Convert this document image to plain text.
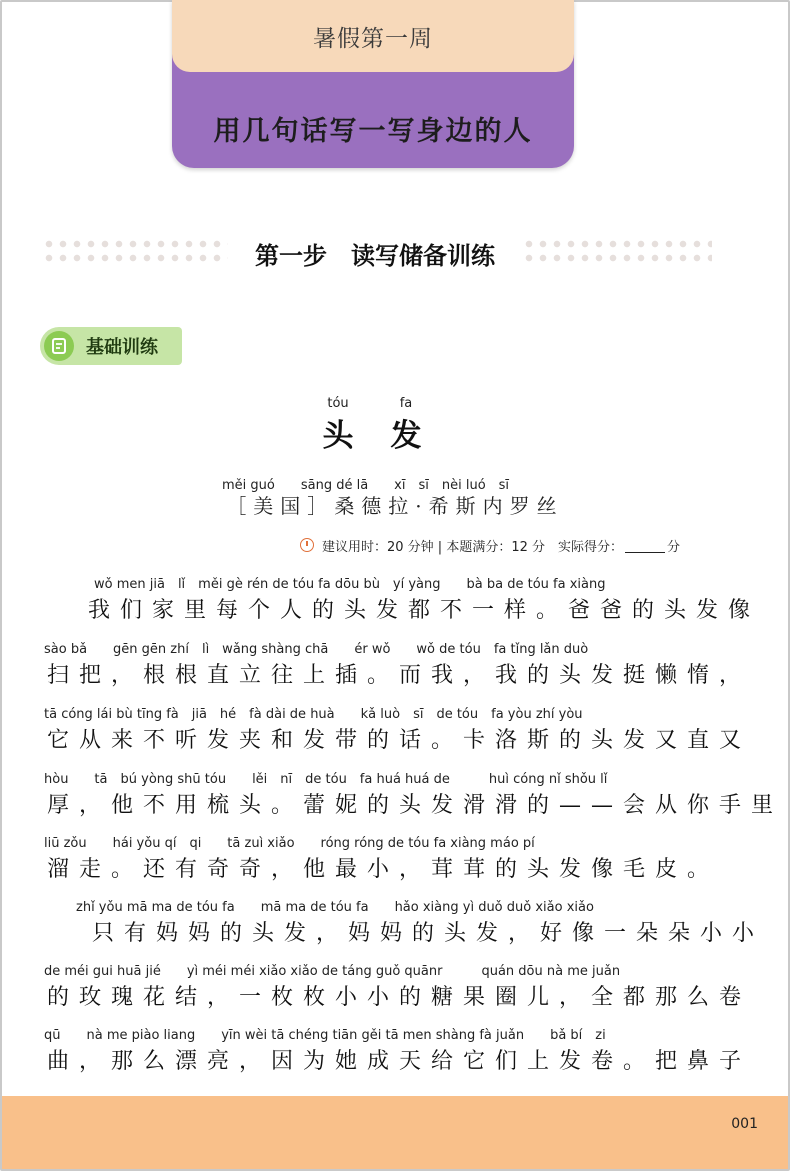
暑假第一周
用几句话写一写身边的人
第一步　读写储备训练
基础训练
tóu	fa
头	发
měi guó　　sāng dé lā　　xī　sī　nèi luó　sī
［美国］桑德拉·希斯内罗丝
建议用时：20 分钟 | 本题满分：12 分　实际得分：	分
wǒ men jiā　lǐ　měi gè rén de tóu fa dōu bù　yí yàng　　bà ba de tóu fa xiàng
我们家里每个人的头发都不一样。爸爸的头发像
sào bǎ　　gēn gēn zhí　lì　wǎng shàng chā　　ér wǒ　　wǒ de tóu　fa tǐng lǎn duò
扫把，根根直立往上插。而我，我的头发挺懒惰，
tā cóng lái bù tīng fà　jiā　hé　fà dài de huà　　kǎ luò　sī　de tóu　fa yòu zhí yòu
它从来不听发夹和发带的话。卡洛斯的头发又直又
hòu　　tā　bú yòng shū tóu　　lěi　nī　de tóu　fa huá huá de　　　huì cóng nǐ shǒu lǐ
厚，他不用梳头。蕾妮的头发滑滑的——会从你手里
liū zǒu　　hái yǒu qí　qi　　tā zuì xiǎo　　róng róng de tóu fa xiàng máo pí
溜走。还有奇奇，他最小，茸茸的头发像毛皮。
　　zhǐ yǒu mā ma de tóu fa　　mā ma de tóu fa　　hǎo xiàng yì duǒ duǒ xiǎo xiǎo
　只有妈妈的头发，妈妈的头发，好像一朵朵小小
de méi gui huā jié　　yì méi méi xiǎo xiǎo de táng guǒ quānr　　　quán dōu nà me juǎn
的玫瑰花结，一枚枚小小的糖果圈儿，全都那么卷
qū　　nà me piào liang　　yīn wèi tā chéng tiān gěi tā men shàng fà juǎn　　bǎ bí　zi
曲，那么漂亮，因为她成天给它们上发卷。把鼻子
001
